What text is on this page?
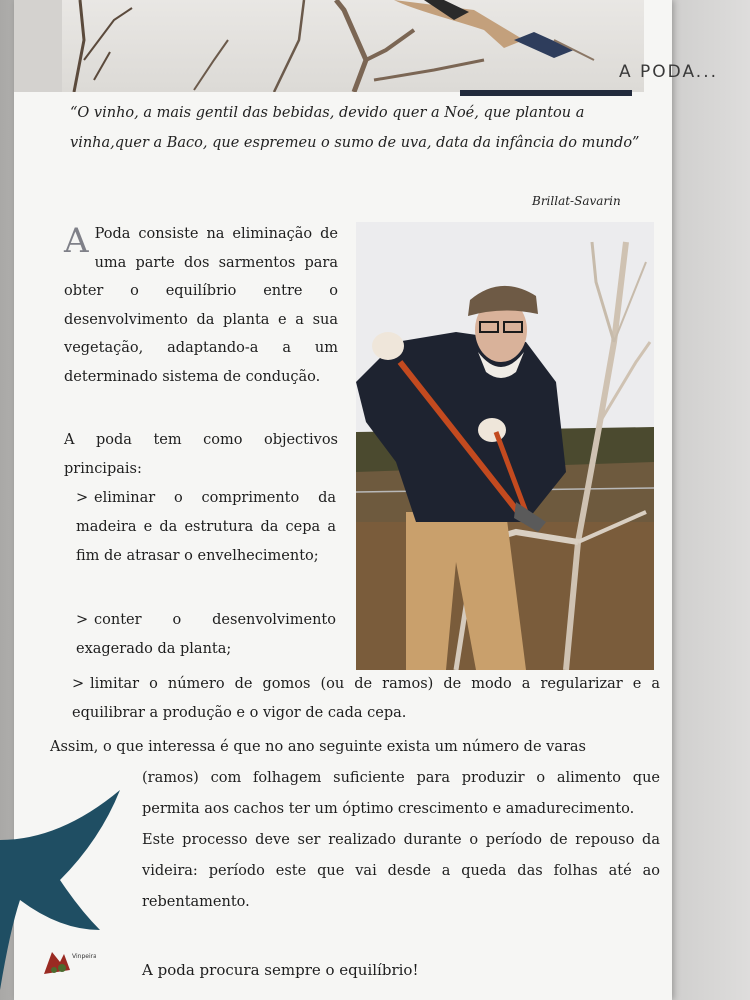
A PODA...
“O vinho, a mais gentil das bebidas, devido quer a Noé, que plantou a vinha,quer a Baco, que espremeu o sumo de uva, data da infância do mundo”
Brillat-Savarin
A Poda consiste na eliminação de uma parte dos sarmentos para obter o equilíbrio entre o desenvolvimento da planta e a sua vegetação, adaptando-a a um determinado sistema de condução.
A poda tem como objectivos principais:
> eliminar o comprimento da madeira e da estrutura da cepa a fim de atrasar o envelhecimento;
> conter o desenvolvimento exagerado da planta;
> limitar o número de gomos (ou de ramos) de modo a regularizar e a equilibrar a produção e o vigor de cada cepa.
Assim, o que interessa é que no ano seguinte exista um número de varas

(ramos) com folhagem suficiente para produzir o alimento que permita aos cachos ter um óptimo crescimento e amadurecimento.

Este processo deve ser realizado durante o período de repouso da videira: período este que vai desde a queda das folhas até ao rebentamento.

A poda procura sempre o equilíbrio!
Vinpeira
